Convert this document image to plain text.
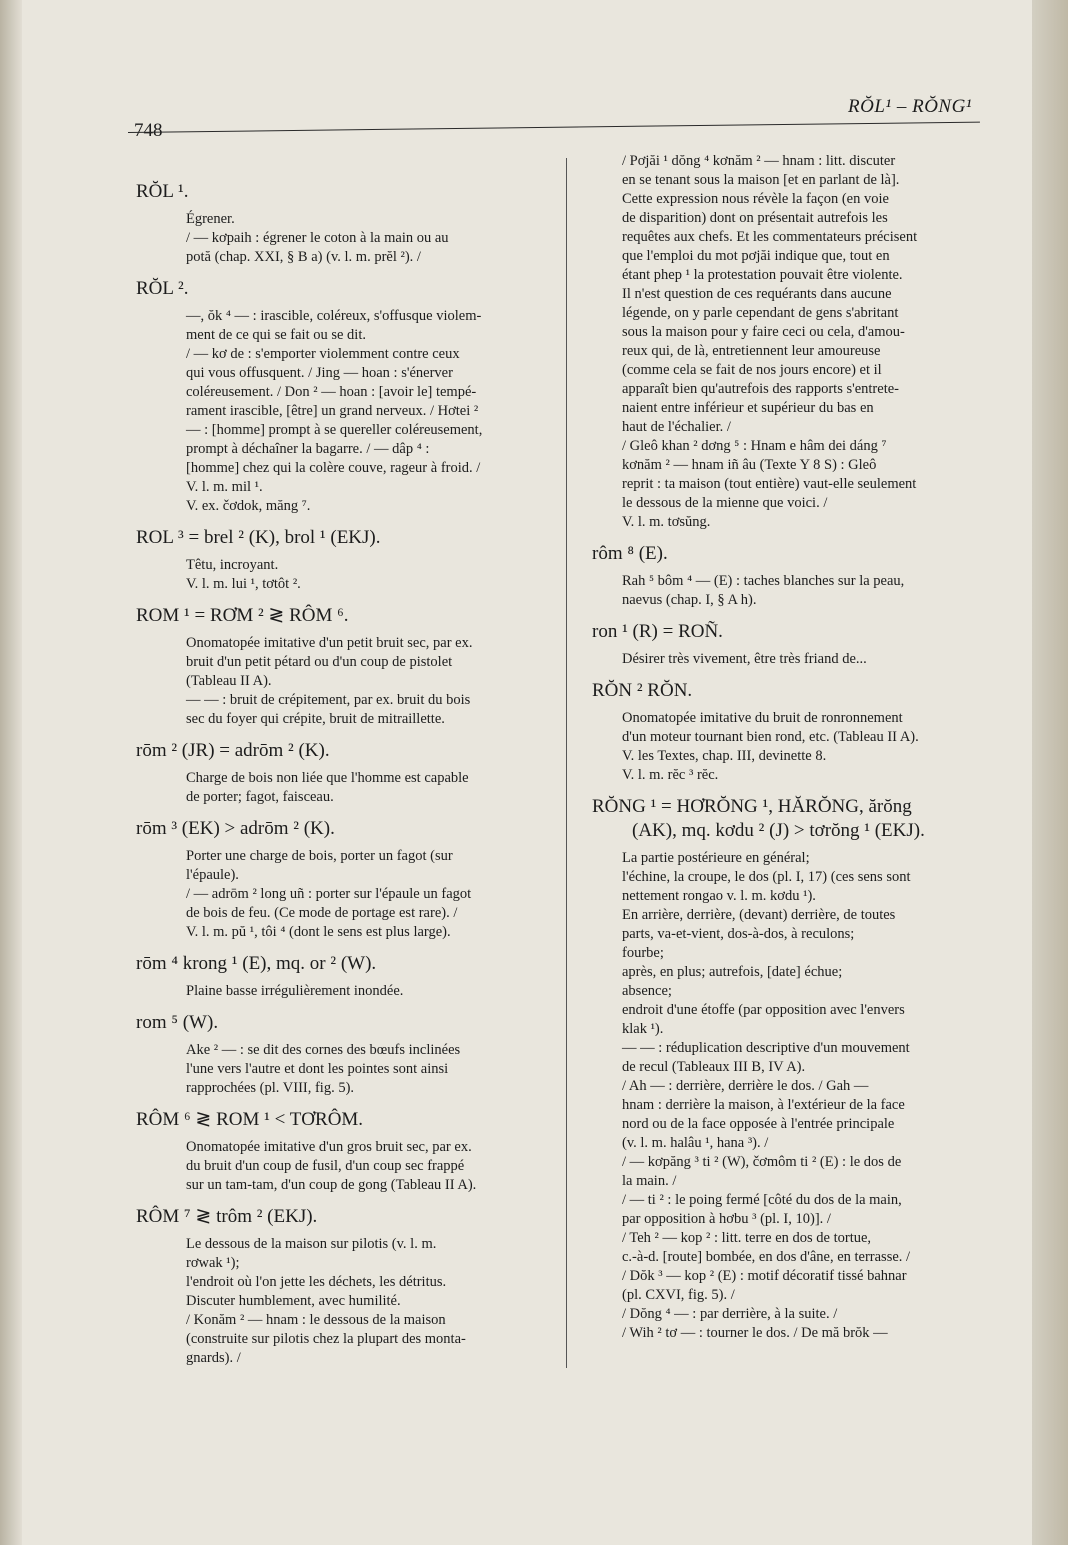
748
RŎL¹ – RŎNG¹
RŎL ¹.

Égrener.

/ — kơpaih : égrener le coton à la main ou au

potă (chap. XXI, § B a) (v. l. m. prĕl ²). /

RŎL ².

—, ŏk ⁴ — : irascible, coléreux, s'offusque violem-

ment de ce qui se fait ou se dit.

/ — kơ de : s'emporter violemment contre ceux

qui vous offusquent. / Jing — hoan : s'énerver

coléreusement. / Don ² — hoan : [avoir le] tempé-

rament irascible, [être] un grand nerveux. / Hơtei ²

— : [homme] prompt à se quereller coléreusement,

prompt à déchaîner la bagarre. / — dâp ⁴ :

[homme] chez qui la colère couve, rageur à froid. /

V. l. m. mil ¹.

V. ex. čơdok, măng ⁷.

ROL ³ = brel ² (K), brol ¹ (EKJ).

Têtu, incroyant.

V. l. m. lui ¹, tơtôt ².

ROM ¹ = RƠM ² ≷ RÔM ⁶.

Onomatopée imitative d'un petit bruit sec, par ex.

bruit d'un petit pétard ou d'un coup de pistolet

(Tableau II A).

— — : bruit de crépitement, par ex. bruit du bois

sec du foyer qui crépite, bruit de mitraillette.

rōm ² (JR) = adrōm ² (K).

Charge de bois non liée que l'homme est capable

de porter; fagot, faisceau.

rōm ³ (EK) > adrōm ² (K).

Porter une charge de bois, porter un fagot (sur

l'épaule).

/ — adrōm ² long uñ : porter sur l'épaule un fagot

de bois de feu. (Ce mode de portage est rare). /

V. l. m. pŭ ¹, tôi ⁴ (dont le sens est plus large).

rōm ⁴ krong ¹ (E), mq. or ² (W).

Plaine basse irrégulièrement inondée.

rom ⁵ (W).

Ake ² — : se dit des cornes des bœufs inclinées

l'une vers l'autre et dont les pointes sont ainsi

rapprochées (pl. VIII, fig. 5).

RÔM ⁶ ≷ ROM ¹ < TƠRÔM.

Onomatopée imitative d'un gros bruit sec, par ex.

du bruit d'un coup de fusil, d'un coup sec frappé

sur un tam-tam, d'un coup de gong (Tableau II A).

RÔM ⁷ ≷ trôm ² (EKJ).

Le dessous de la maison sur pilotis (v. l. m.

rơwak ¹);

l'endroit où l'on jette les déchets, les détritus.

Discuter humblement, avec humilité.

/ Konăm ² — hnam : le dessous de la maison

(construite sur pilotis chez la plupart des monta-

gnards). /

/ Pơjăi ¹ dŏng ⁴ kơnăm ² — hnam : litt. discuter

en se tenant sous la maison [et en parlant de là].

Cette expression nous révèle la façon (en voie

de disparition) dont on présentait autrefois les

requêtes aux chefs. Et les commentateurs précisent

que l'emploi du mot pơjăi indique que, tout en

étant phep ¹ la protestation pouvait être violente.

Il n'est question de ces requérants dans aucune

légende, on y parle cependant de gens s'abritant

sous la maison pour y faire ceci ou cela, d'amou-

reux qui, de là, entretiennent leur amoureuse

(comme cela se fait de nos jours encore) et il

apparaît bien qu'autrefois des rapports s'entrete-

naient entre inférieur et supérieur du bas en

haut de l'échalier. /

/ Gleô khan ² dơng ⁵ : Hnam e hâm dei dáng ⁷

kơnăm ² — hnam iñ âu (Texte Y 8 S) : Gleô

reprit : ta maison (tout entière) vaut-elle seulement

le dessous de la mienne que voici. /

V. l. m. tơsŭng.

rôm ⁸ (E).

Rah ⁵ bôm ⁴ — (E) : taches blanches sur la peau,

naevus (chap. I, § A h).

ron ¹ (R) = ROÑ.

Désirer très vivement, être très friand de...

RŎN ² RŎN.

Onomatopée imitative du bruit de ronronnement

d'un moteur tournant bien rond, etc. (Tableau II A).

V. les Textes, chap. III, devinette 8.

V. l. m. rĕc ³ rĕc.

RŎNG ¹ = HƠRŎNG ¹, HĂRŎNG, ărŏng
(AK), mq. kơdu ² (J) > tơrŏng ¹ (EKJ).

La partie postérieure en général;

l'échine, la croupe, le dos (pl. I, 17) (ces sens sont

nettement rongao v. l. m. kơdu ¹).

En arrière, derrière, (devant) derrière, de toutes

parts, va-et-vient, dos-à-dos, à reculons;

fourbe;

après, en plus; autrefois, [date] échue;

absence;

endroit d'une étoffe (par opposition avec l'envers

klak ¹).

— — : réduplication descriptive d'un mouvement

de recul (Tableaux III B, IV A).

/ Ah — : derrière, derrière le dos. / Gah —

hnam : derrière la maison, à l'extérieur de la face

nord ou de la face opposée à l'entrée principale

(v. l. m. halâu ¹, hana ³). /

/ — kơpăng ³ ti ² (W), čơmôm ti ² (E) : le dos de

la main. /

/ — ti ² : le poing fermé [côté du dos de la main,

par opposition à hơbu ³ (pl. I, 10)]. /

/ Teh ² — kop ² : litt. terre en dos de tortue,

c.-à-d. [route] bombée, en dos d'âne, en terrasse. /

/ Dŏk ³ — kop ² (E) : motif décoratif tissé bahnar

(pl. CXVI, fig. 5). /

/ Dŏng ⁴ — : par derrière, à la suite. /

/ Wih ² tơ — : tourner le dos. / De mă brŏk —
